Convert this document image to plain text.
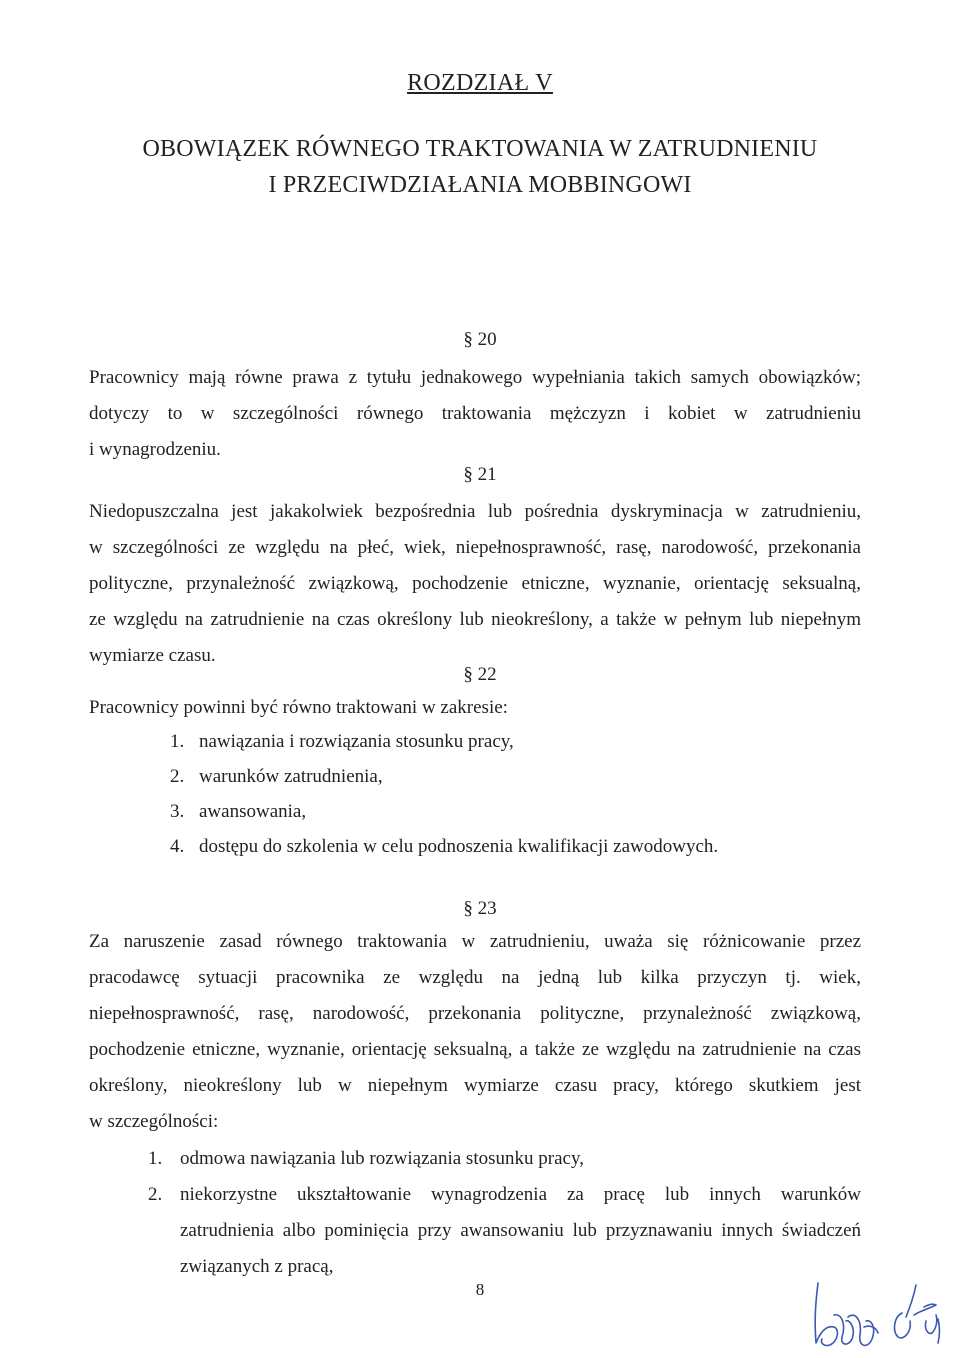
ROZDZIAŁ V
OBOWIĄZEK RÓWNEGO TRAKTOWANIA W ZATRUDNIENIU
I PRZECIWDZIAŁANIA MOBBINGOWI
§ 20
Pracownicy mają równe prawa z tytułu jednakowego wypełniania takich samych obowiązków;
dotyczy to w szczególności równego traktowania mężczyzn i kobiet w zatrudnieniu
i wynagrodzeniu.
§ 21
Niedopuszczalna jest jakakolwiek bezpośrednia lub pośrednia dyskryminacja w zatrudnieniu,
w szczególności ze względu na płeć, wiek, niepełnosprawność, rasę, narodowość, przekonania
polityczne, przynależność związkową, pochodzenie etniczne, wyznanie, orientację seksualną,
ze względu na zatrudnienie na czas określony lub nieokreślony, a także w pełnym lub niepełnym
wymiarze czasu.
§ 22
Pracownicy powinni być równo traktowani w zakresie:
1. nawiązania i rozwiązania stosunku pracy,
2. warunków zatrudnienia,
3. awansowania,
4. dostępu do szkolenia w celu podnoszenia kwalifikacji zawodowych.
§ 23
Za naruszenie zasad równego traktowania w zatrudnieniu, uważa się różnicowanie przez
pracodawcę sytuacji pracownika ze względu na jedną lub kilka przyczyn tj. wiek,
niepełnosprawność, rasę, narodowość, przekonania polityczne, przynależność związkową,
pochodzenie etniczne, wyznanie, orientację seksualną, a także ze względu na zatrudnienie na czas
określony, nieokreślony lub w niepełnym wymiarze czasu pracy, którego skutkiem jest
w szczególności:
1. odmowa nawiązania lub rozwiązania stosunku pracy,
2. niekorzystne ukształtowanie wynagrodzenia za pracę lub innych warunków
zatrudnienia albo pominięcia przy awansowaniu lub przyznawaniu innych świadczeń
związanych z pracą,
8
